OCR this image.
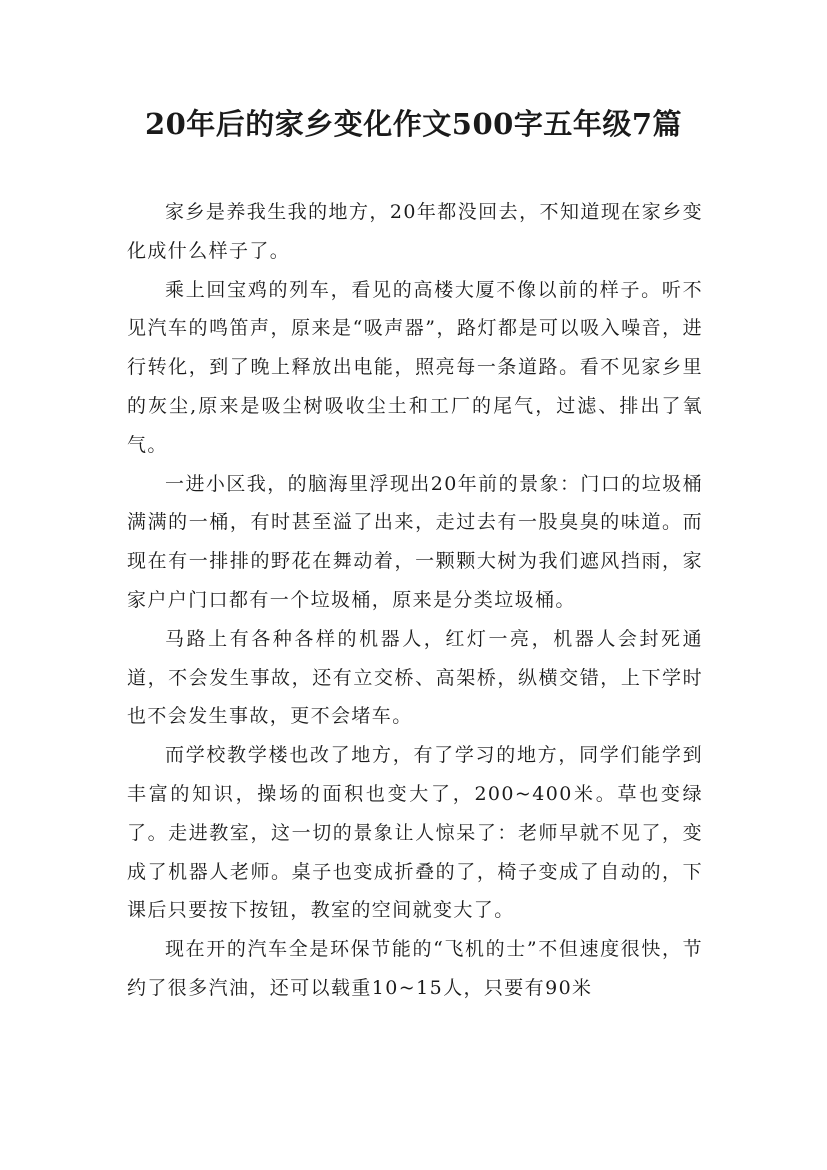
20年后的家乡变化作文500字五年级7篇

家乡是养我生我的地方，20年都没回去，不知道现在家乡变化成什么样子了。

乘上回宝鸡的列车，看见的高楼大厦不像以前的样子。听不见汽车的鸣笛声，原来是“吸声器”，路灯都是可以吸入噪音，进行转化，到了晚上释放出电能，照亮每一条道路。看不见家乡里的灰尘,原来是吸尘树吸收尘土和工厂的尾气，过滤、排出了氧气。

一进小区我，的脑海里浮现出20年前的景象：门口的垃圾桶满满的一桶，有时甚至溢了出来，走过去有一股臭臭的味道。而现在有一排排的野花在舞动着，一颗颗大树为我们遮风挡雨，家家户户门口都有一个垃圾桶，原来是分类垃圾桶。

马路上有各种各样的机器人，红灯一亮，机器人会封死通道，不会发生事故，还有立交桥、高架桥，纵横交错，上下学时也不会发生事故，更不会堵车。

而学校教学楼也改了地方，有了学习的地方，同学们能学到丰富的知识，操场的面积也变大了，200~400米。草也变绿了。走进教室，这一切的景象让人惊呆了：老师早就不见了，变成了机器人老师。桌子也变成折叠的了，椅子变成了自动的，下课后只要按下按钮，教室的空间就变大了。

现在开的汽车全是环保节能的“飞机的士”不但速度很快，节约了很多汽油，还可以载重10~15人，只要有90米
